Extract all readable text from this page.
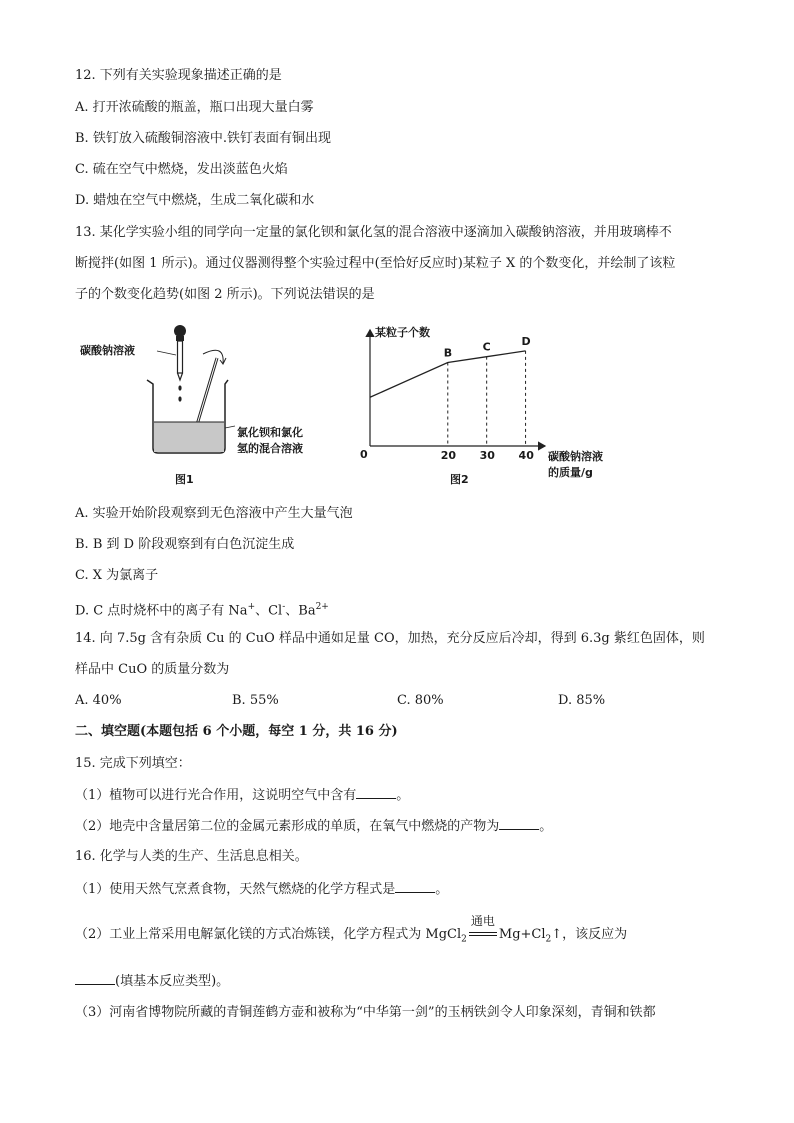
12. 下列有关实验现象描述正确的是
A. 打开浓硫酸的瓶盖，瓶口出现大量白雾
B. 铁钉放入硫酸铜溶液中.铁钉表面有铜出现
C. 硫在空气中燃烧，发出淡蓝色火焰
D. 蜡烛在空气中燃烧，生成二氧化碳和水
13. 某化学实验小组的同学向一定量的氯化钡和氯化氢的混合溶液中逐滴加入碳酸钠溶液，并用玻璃棒不
断搅拌(如图 1 所示)。通过仪器测得整个实验过程中(至恰好反应时)某粒子 X 的个数变化，并绘制了该粒
子的个数变化趋势(如图 2 所示)。下列说法错误的是
碳酸钠溶液
氯化钡和氯化
氢的混合溶液
图1
某粒子个数
0	碳酸钠溶液
的质量/g
B
20
C
30
D
40
图2
A. 实验开始阶段观察到无色溶液中产生大量气泡
B. B 到 D 阶段观察到有白色沉淀生成
C. X 为氯离子
D. C 点时烧杯中的离子有 Na+、Cl-、$Ba^{2+}$
14. 向 7.5g 含有杂质 Cu 的 CuO 样品中通如足量 CO，加热，充分反应后冷却，得到 6.3g 紫红色固体，则
样品中 CuO 的质量分数为
A. 40%	B. 55%	C. 80%	D. 85%
二、填空题(本题包括 6 个小题，每空 1 分，共 16 分)
15. 完成下列填空：
（1）植物可以进行光合作用，这说明空气中含有	。
（2）地壳中含量居第二位的金属元素形成的单质，在氧气中燃烧的产物为	。
16. 化学与人类的生产、生活息息相关。
（1）使用天然气烹煮食物，天然气燃烧的化学方程式是	。
（2）工业上常采用电解氯化镁的方式冶炼镁，化学方程式为 MgCl$_2$
通电
$Mg+Cl_2↑$，该反应为
(填基本反应类型)。
（3）河南省博物院所藏的青铜莲鹤方壶和被称为“中华第一剑”的玉柄铁剑令人印象深刻，青铜和铁都
